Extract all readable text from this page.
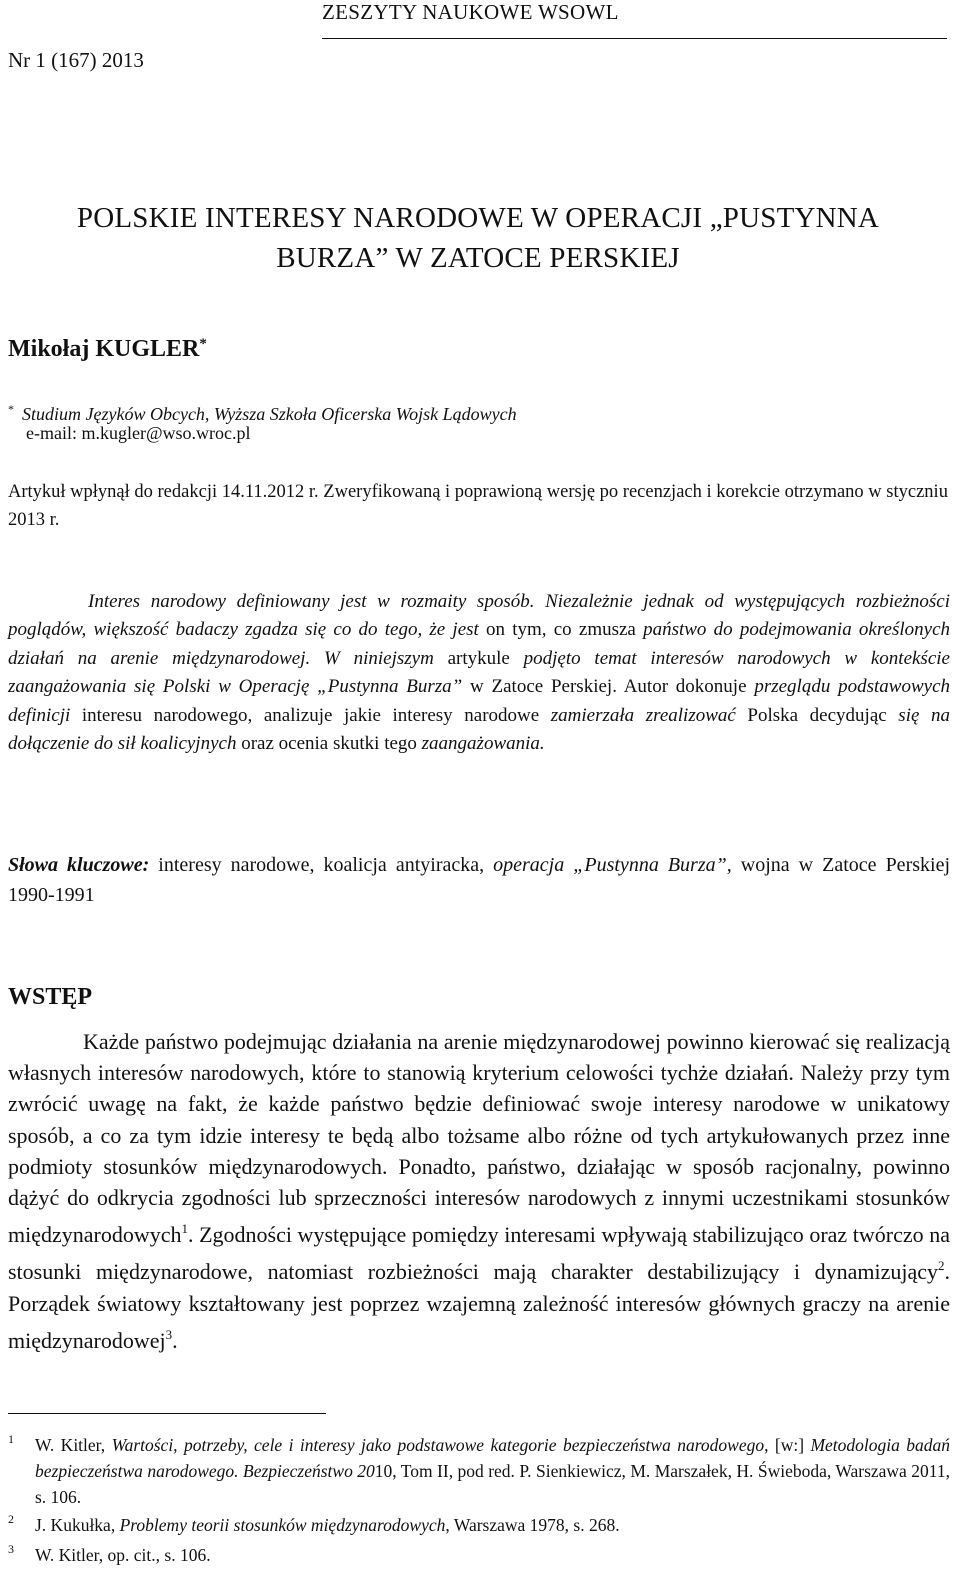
ZESZYTY NAUKOWE WSOWL
Nr 1 (167) 2013
POLSKIE INTERESY NARODOWE W OPERACJI „PUSTYNNA
BURZA” W ZATOCE PERSKIEJ
Mikołaj KUGLER*
* Studium Języków Obcych, Wyższa Szkoła Oficerska Wojsk Lądowych
e-mail: m.kugler@wso.wroc.pl
Artykuł wpłynął do redakcji 14.11.2012 r. Zweryfikowaną i poprawioną wersję po recenzjach i korekcie otrzymano w styczniu 2013 r.
Interes narodowy definiowany jest w rozmaity sposób. Niezależnie jednak od występujących rozbieżności poglądów, większość badaczy zgadza się co do tego, że jest on tym, co zmusza państwo do podejmowania określonych działań na arenie międzynarodowej. W niniejszym artykule podjęto temat interesów narodowych w kontekście zaangażowania się Polski w Operację „Pustynna Burza” w Zatoce Perskiej. Autor dokonuje przeglądu podstawowych definicji interesu narodowego, analizuje jakie interesy narodowe zamierzała zrealizować Polska decydując się na dołączenie do sił koalicyjnych oraz ocenia skutki tego zaangażowania.
Słowa kluczowe: interesy narodowe, koalicja antyiracka, operacja „Pustynna Burza”, wojna w Zatoce Perskiej 1990-1991
WSTĘP
Każde państwo podejmując działania na arenie międzynarodowej powinno kierować się realizacją własnych interesów narodowych, które to stanowią kryterium celowości tychże działań. Należy przy tym zwrócić uwagę na fakt, że każde państwo będzie definiować swoje interesy narodowe w unikatowy sposób, a co za tym idzie interesy te będą albo tożsame albo różne od tych artykułowanych przez inne podmioty stosunków międzynarodowych. Ponadto, państwo, działając w sposób racjonalny, powinno dążyć do odkrycia zgodności lub sprzeczności interesów narodowych z innymi uczestnikami stosunków międzynarodowych$^1$. Zgodności występujące pomiędzy interesami wpływają stabilizująco oraz twórczo na stosunki międzynarodowe, natomiast rozbieżności mają charakter destabilizujący i dynamizujący$^2$. Porządek światowy kształtowany jest poprzez wzajemną zależność interesów głównych graczy na arenie międzynarodowej$^3$.
1 W. Kitler, Wartości, potrzeby, cele i interesy jako podstawowe kategorie bezpieczeństwa narodowego, [w:] Metodologia badań bezpieczeństwa narodowego. Bezpieczeństwo 2010, Tom II, pod red. P. Sienkiewicz, M. Marszałek, H. Świeboda, Warszawa 2011, s. 106.
2 J. Kukułka, Problemy teorii stosunków międzynarodowych, Warszawa 1978, s. 268.
3 W. Kitler, op. cit., s. 106.
